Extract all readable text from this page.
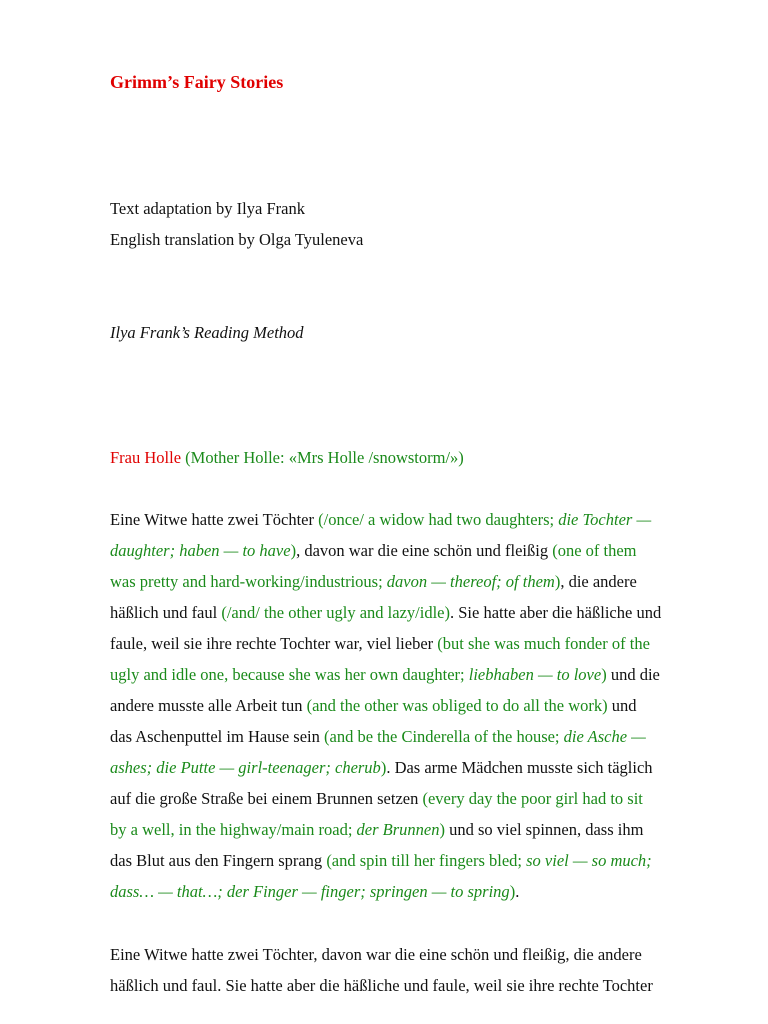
Grimm’s Fairy Stories
Text adaptation by Ilya Frank
English translation by Olga Tyuleneva
Ilya Frank’s Reading Method
Frau Holle (Mother Holle: «Mrs Holle /snowstorm/»)
Eine Witwe hatte zwei Töchter (/once/ a widow had two daughters; die Tochter —
daughter; haben — to have), davon war die eine schön und fleißig (one of them
was pretty and hard-working/industrious; davon — thereof; of them), die andere
häßlich und faul (/and/ the other ugly and lazy/idle). Sie hatte aber die häßliche und
faule, weil sie ihre rechte Tochter war, viel lieber (but she was much fonder of the
ugly and idle one, because she was her own daughter; liebhaben — to love) und die
andere musste alle Arbeit tun (and the other was obliged to do all the work) und
das Aschenputtel im Hause sein (and be the Cinderella of the house; die Asche —
ashes; die Putte — girl-teenager; cherub). Das arme Mädchen musste sich täglich
auf die große Straße bei einem Brunnen setzen (every day the poor girl had to sit
by a well, in the highway/main road; der Brunnen) und so viel spinnen, dass ihm
das Blut aus den Fingern sprang (and spin till her fingers bled; so viel — so much;
dass… — that…; der Finger — finger; springen — to spring).
Eine Witwe hatte zwei Töchter, davon war die eine schön und fleißig, die andere
häßlich und faul. Sie hatte aber die häßliche und faule, weil sie ihre rechte Tochter
